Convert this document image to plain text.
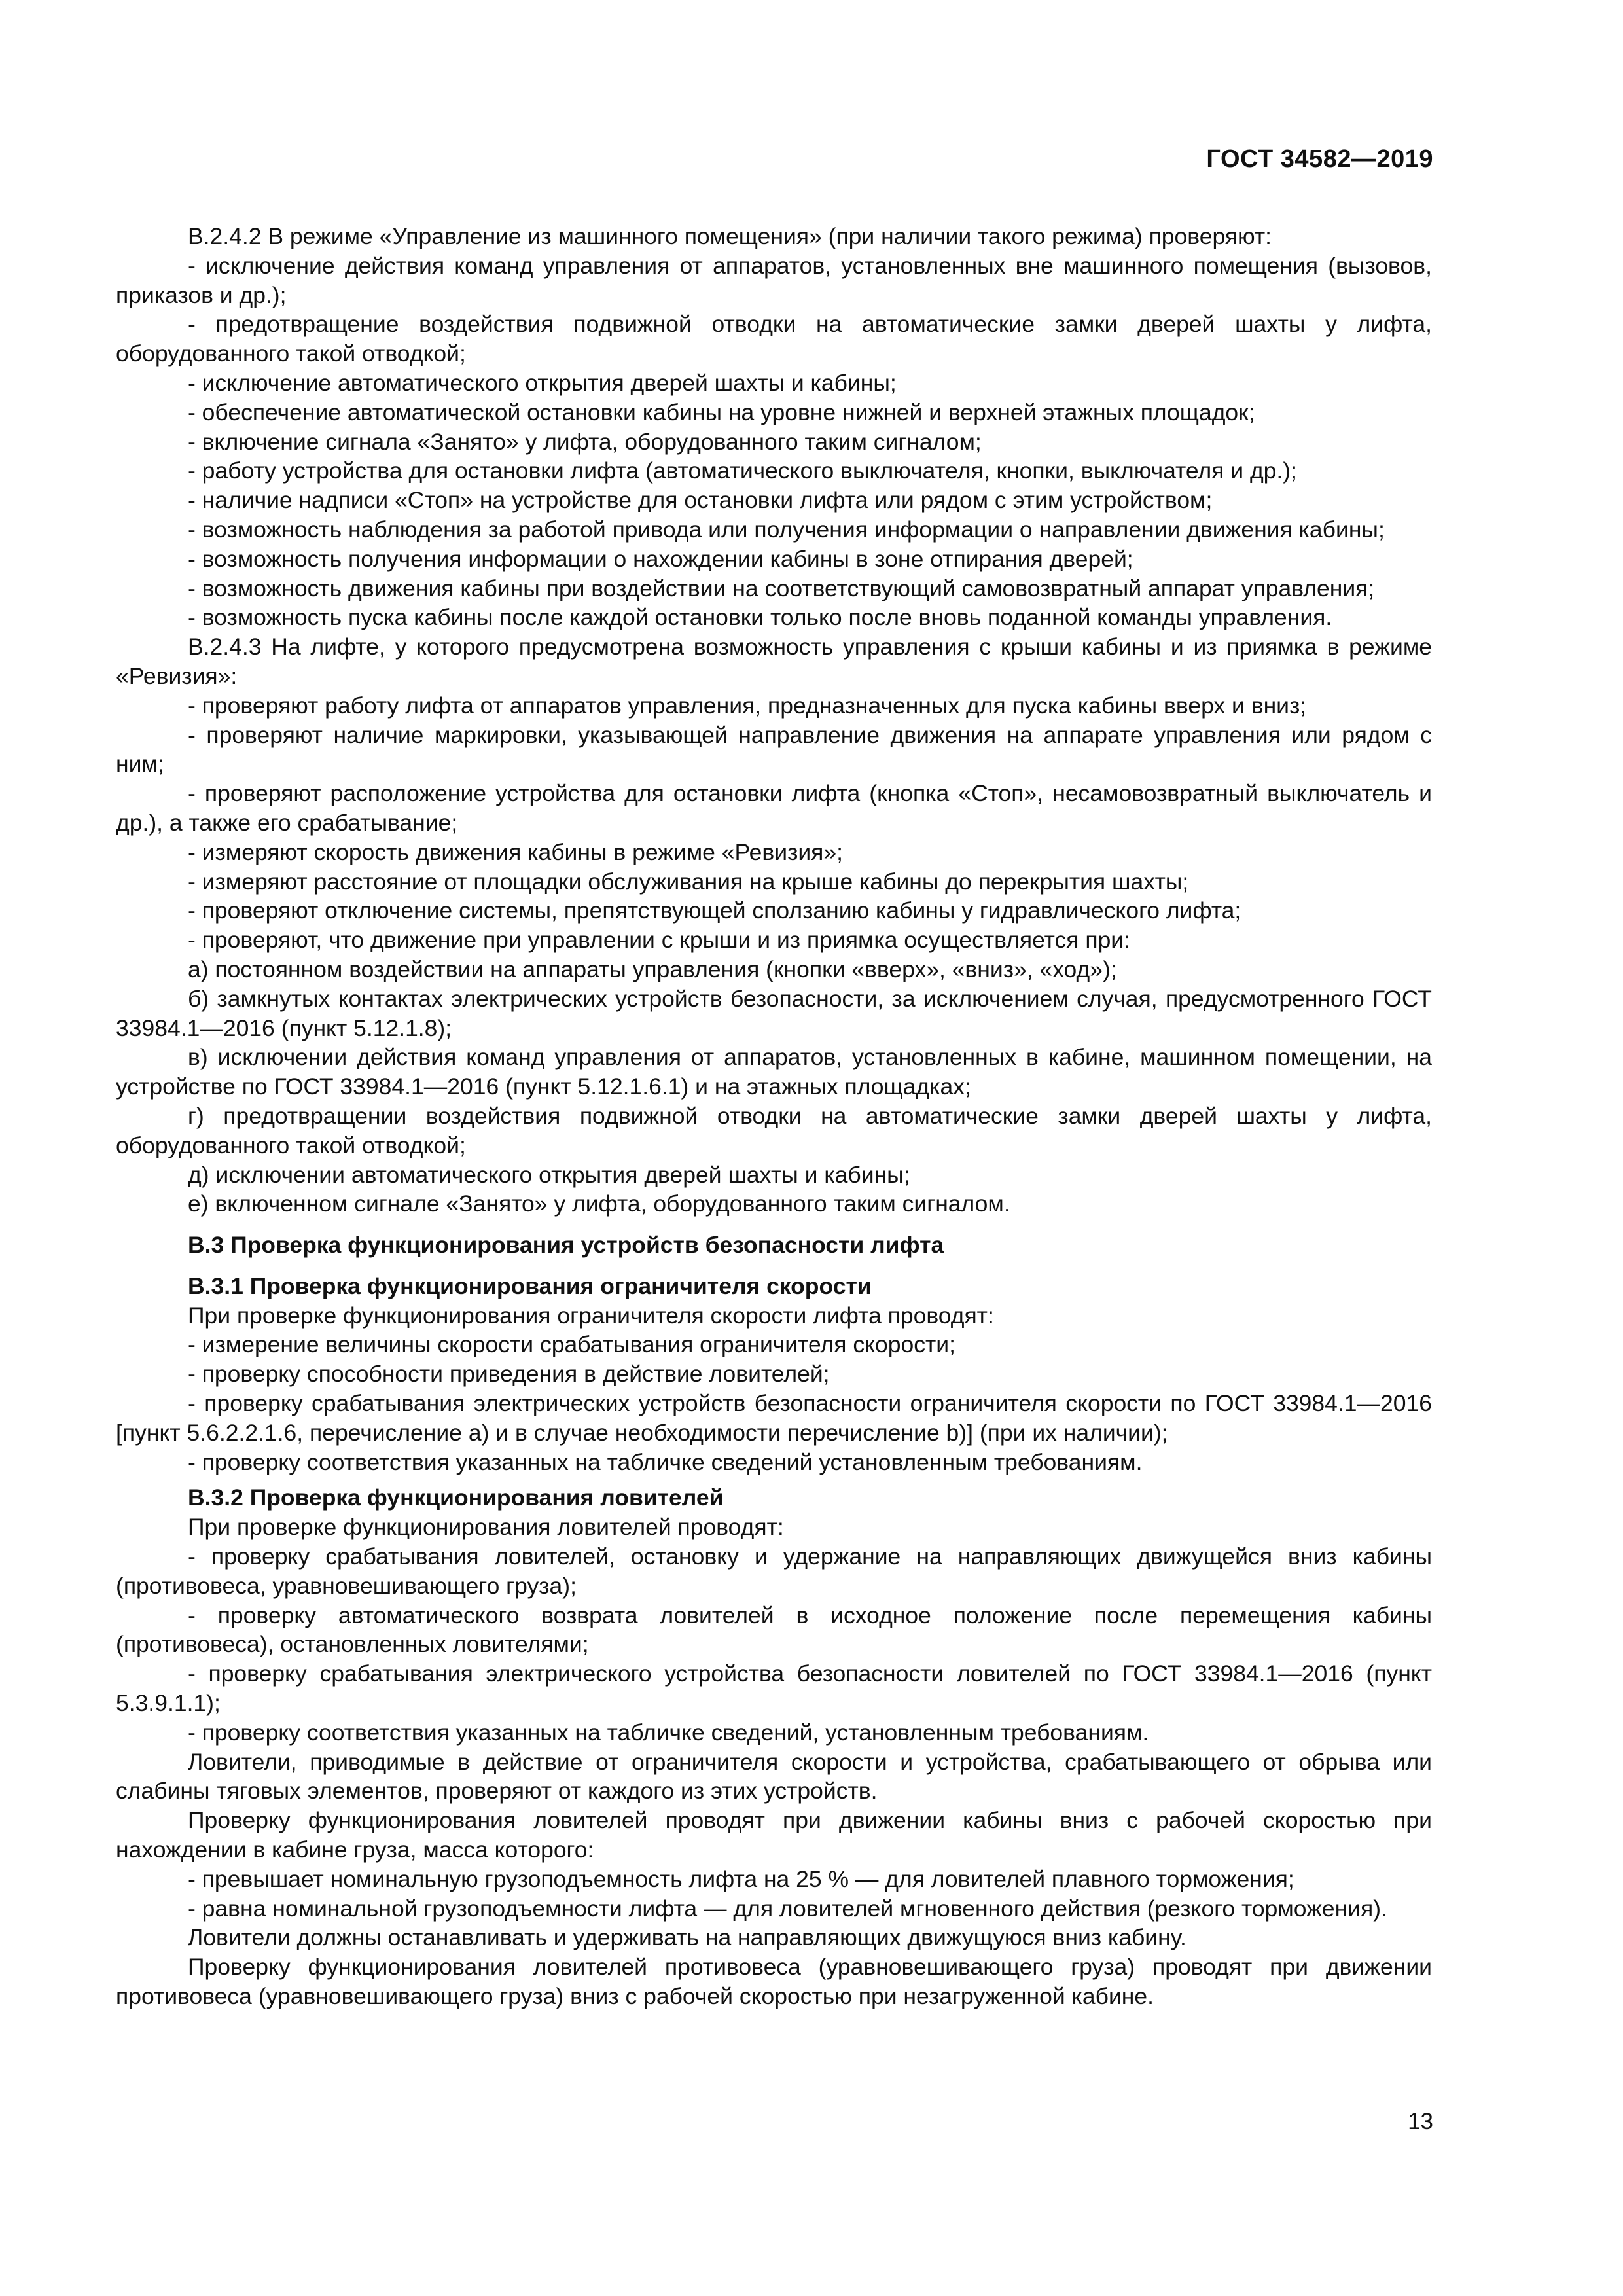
ГОСТ 34582—2019

В.2.4.2 В режиме «Управление из машинного помещения» (при наличии такого режима) проверяют:

- исключение действия команд управления от аппаратов, установленных вне машинного помещения (вызовов, приказов и др.);

- предотвращение воздействия подвижной отводки на автоматические замки дверей шахты у лифта, оборудованного такой отводкой;

- исключение автоматического открытия дверей шахты и кабины;

- обеспечение автоматической остановки кабины на уровне нижней и верхней этажных площадок;

- включение сигнала «Занято» у лифта, оборудованного таким сигналом;

- работу устройства для остановки лифта (автоматического выключателя, кнопки, выключателя и др.);

- наличие надписи «Стоп» на устройстве для остановки лифта или рядом с этим устройством;

- возможность наблюдения за работой привода или получения информации о направлении движения кабины;

- возможность получения информации о нахождении кабины в зоне отпирания дверей;

- возможность движения кабины при воздействии на соответствующий самовозвратный аппарат управления;

- возможность пуска кабины после каждой остановки только после вновь поданной команды управления.

В.2.4.3 На лифте, у которого предусмотрена возможность управления с крыши кабины и из приямка в режиме «Ревизия»:

- проверяют работу лифта от аппаратов управления, предназначенных для пуска кабины вверх и вниз;

- проверяют наличие маркировки, указывающей направление движения на аппарате управления или рядом с ним;

- проверяют расположение устройства для остановки лифта (кнопка «Стоп», несамовозвратный выключатель и др.), а также его срабатывание;

- измеряют скорость движения кабины в режиме «Ревизия»;

- измеряют расстояние от площадки обслуживания на крыше кабины до перекрытия шахты;

- проверяют отключение системы, препятствующей сползанию кабины у гидравлического лифта;

- проверяют, что движение при управлении с крыши и из приямка осуществляется при:

а) постоянном воздействии на аппараты управления (кнопки «вверх», «вниз», «ход»);

б) замкнутых контактах электрических устройств безопасности, за исключением случая, предусмотренного ГОСТ 33984.1—2016 (пункт 5.12.1.8);

в) исключении действия команд управления от аппаратов, установленных в кабине, машинном помещении, на устройстве по ГОСТ 33984.1—2016 (пункт 5.12.1.6.1) и на этажных площадках;

г) предотвращении воздействия подвижной отводки на автоматические замки дверей шахты у лифта, оборудованного такой отводкой;

д) исключении автоматического открытия дверей шахты и кабины;

е) включенном сигнале «Занято» у лифта, оборудованного таким сигналом.

В.3 Проверка функционирования устройств безопасности лифта

В.3.1 Проверка функционирования ограничителя скорости

При проверке функционирования ограничителя скорости лифта проводят:

- измерение величины скорости срабатывания ограничителя скорости;

- проверку способности приведения в действие ловителей;

- проверку срабатывания электрических устройств безопасности ограничителя скорости по ГОСТ 33984.1—2016 [пункт 5.6.2.2.1.6, перечисление а) и в случае необходимости перечисление b)] (при их наличии);

- проверку соответствия указанных на табличке сведений установленным требованиям.

В.3.2 Проверка функционирования ловителей

При проверке функционирования ловителей проводят:

- проверку срабатывания ловителей, остановку и удержание на направляющих движущейся вниз кабины (противовеса, уравновешивающего груза);

- проверку автоматического возврата ловителей в исходное положение после перемещения кабины (противовеса), остановленных ловителями;

- проверку срабатывания электрического устройства безопасности ловителей по ГОСТ 33984.1—2016 (пункт 5.3.9.1.1);

- проверку соответствия указанных на табличке сведений, установленным требованиям.

Ловители, приводимые в действие от ограничителя скорости и устройства, срабатывающего от обрыва или слабины тяговых элементов, проверяют от каждого из этих устройств.

Проверку функционирования ловителей проводят при движении кабины вниз с рабочей скоростью при нахождении в кабине груза, масса которого:

- превышает номинальную грузоподъемность лифта на 25 % — для ловителей плавного торможения;

- равна номинальной грузоподъемности лифта — для ловителей мгновенного действия (резкого торможения).

Ловители должны останавливать и удерживать на направляющих движущуюся вниз кабину.

Проверку функционирования ловителей противовеса (уравновешивающего груза) проводят при движении противовеса (уравновешивающего груза) вниз с рабочей скоростью при незагруженной кабине.

13
